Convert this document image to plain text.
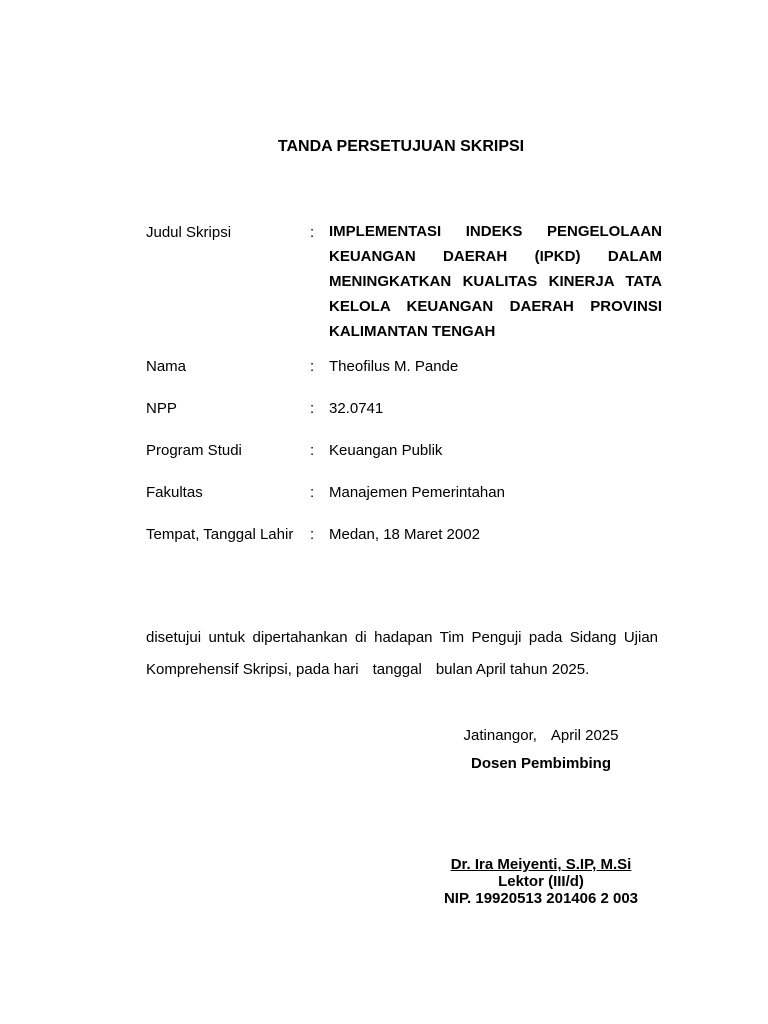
TANDA PERSETUJUAN SKRIPSI
Judul Skripsi	: IMPLEMENTASI INDEKS PENGELOLAAN KEUANGAN DAERAH (IPKD) DALAM MENINGKATKAN KUALITAS KINERJA TATA KELOLA KEUANGAN DAERAH PROVINSI KALIMANTAN TENGAH
Nama	: Theofilus M. Pande
NPP	: 32.0741
Program Studi	: Keuangan Publik
Fakultas	: Manajemen Pemerintahan
Tempat, Tanggal Lahir : Medan, 18 Maret 2002
disetujui untuk dipertahankan di hadapan Tim Penguji pada Sidang Ujian Komprehensif Skripsi, pada hari tanggal bulan April tahun 2025.
Jatinangor, April 2025
Dosen Pembimbing
Dr. Ira Meiyenti, S.IP, M.Si
Lektor (III/d)
NIP. 19920513 201406 2 003
